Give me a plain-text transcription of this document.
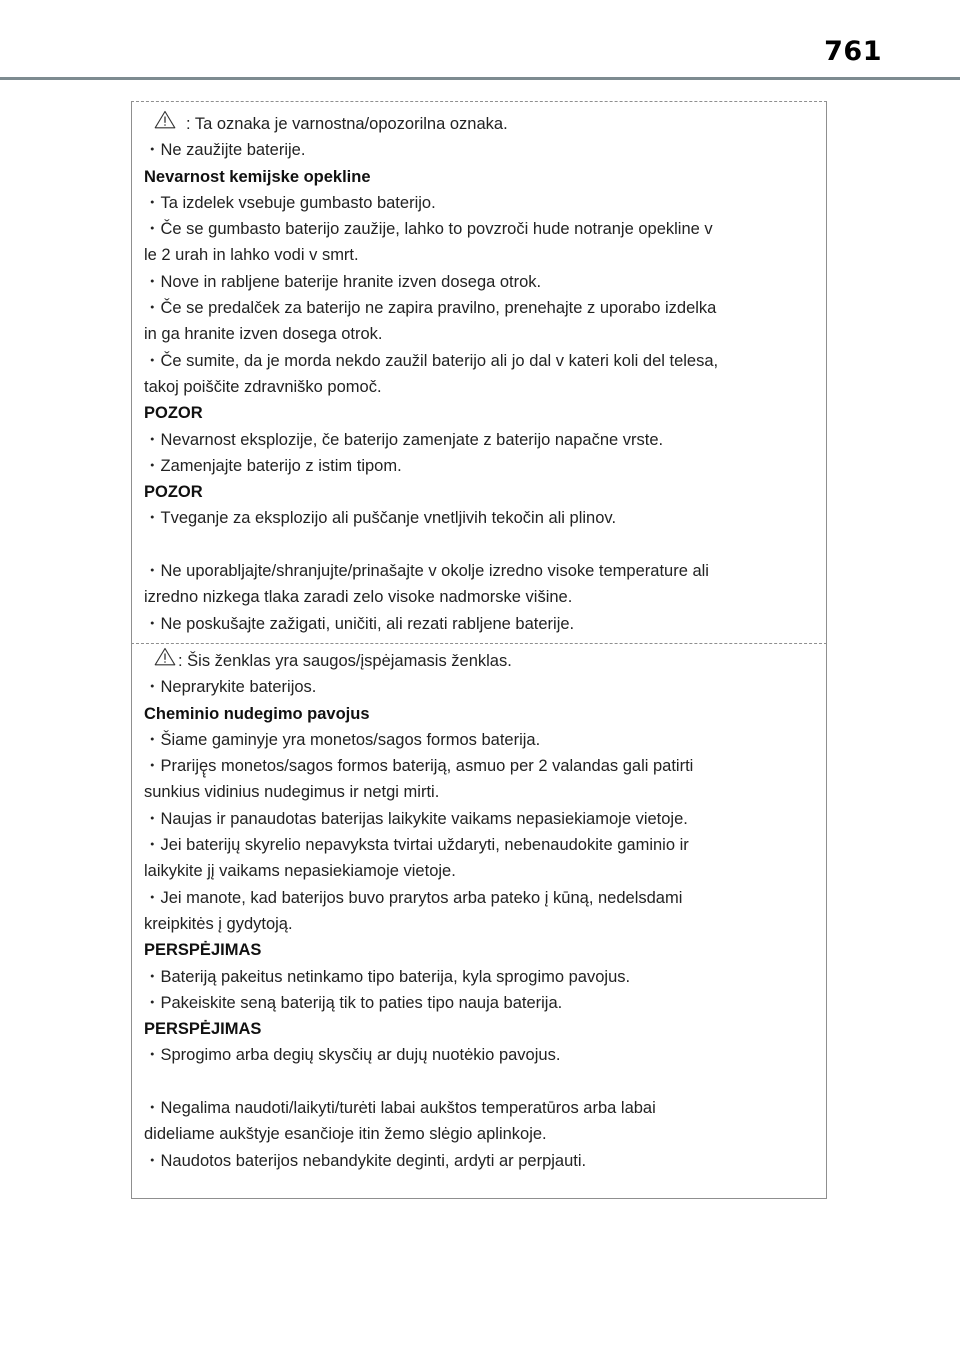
761
: Ta oznaka je varnostna/opozorilna oznaka.
・Ne zaužijte baterije.
Nevarnost kemijske opekline
・Ta izdelek vsebuje gumbasto baterijo.
・Če se gumbasto baterijo zaužije, lahko to povzroči hude notranje opekline v
le 2 urah in lahko vodi v smrt.
・Nove in rabljene baterije hranite izven dosega otrok.
・Če se predalček za baterijo ne zapira pravilno, prenehajte z uporabo izdelka
in ga hranite izven dosega otrok.
・Če sumite, da je morda nekdo zaužil baterijo ali jo dal v kateri koli del telesa,
takoj poiščite zdravniško pomoč.
POZOR
・Nevarnost eksplozije, če baterijo zamenjate z baterijo napačne vrste.
・Zamenjajte baterijo z istim tipom.
POZOR
・Tveganje za eksplozijo ali puščanje vnetljivih tekočin ali plinov.
・Ne uporabljajte/shranjujte/prinašajte v okolje izredno visoke temperature ali
izredno nizkega tlaka zaradi zelo visoke nadmorske višine.
・Ne poskušajte zažigati, uničiti, ali rezati rabljene baterije.
: Šis ženklas yra saugos/įspėjamasis ženklas.
・Neprarykite baterijos.
Cheminio nudegimo pavojus
・Šiame gaminyje yra monetos/sagos formos baterija.
・Prariję̨s monetos/sagos formos bateriją, asmuo per 2 valandas gali patirti
sunkius vidinius nudegimus ir netgi mirti.
・Naujas ir panaudotas baterijas laikykite vaikams nepasiekiamoje vietoje.
・Jei baterijų skyrelio nepavyksta tvirtai uždaryti, nebenaudokite gaminio ir
laikykite jį vaikams nepasiekiamoje vietoje.
・Jei manote, kad baterijos buvo prarytos arba pateko į kūną, nedelsdami
kreipkitės į gydytoją.
PERSPĖJIMAS
・Bateriją pakeitus netinkamo tipo baterija, kyla sprogimo pavojus.
・Pakeiskite seną bateriją tik to paties tipo nauja baterija.
PERSPĖJIMAS
・Sprogimo arba degių skysčių ar dujų nuotėkio pavojus.
・Negalima naudoti/laikyti/turėti labai aukštos temperatūros arba labai
dideliame aukštyje esančioje itin žemo slėgio aplinkoje.
・Naudotos baterijos nebandykite deginti, ardyti ar perpjauti.
